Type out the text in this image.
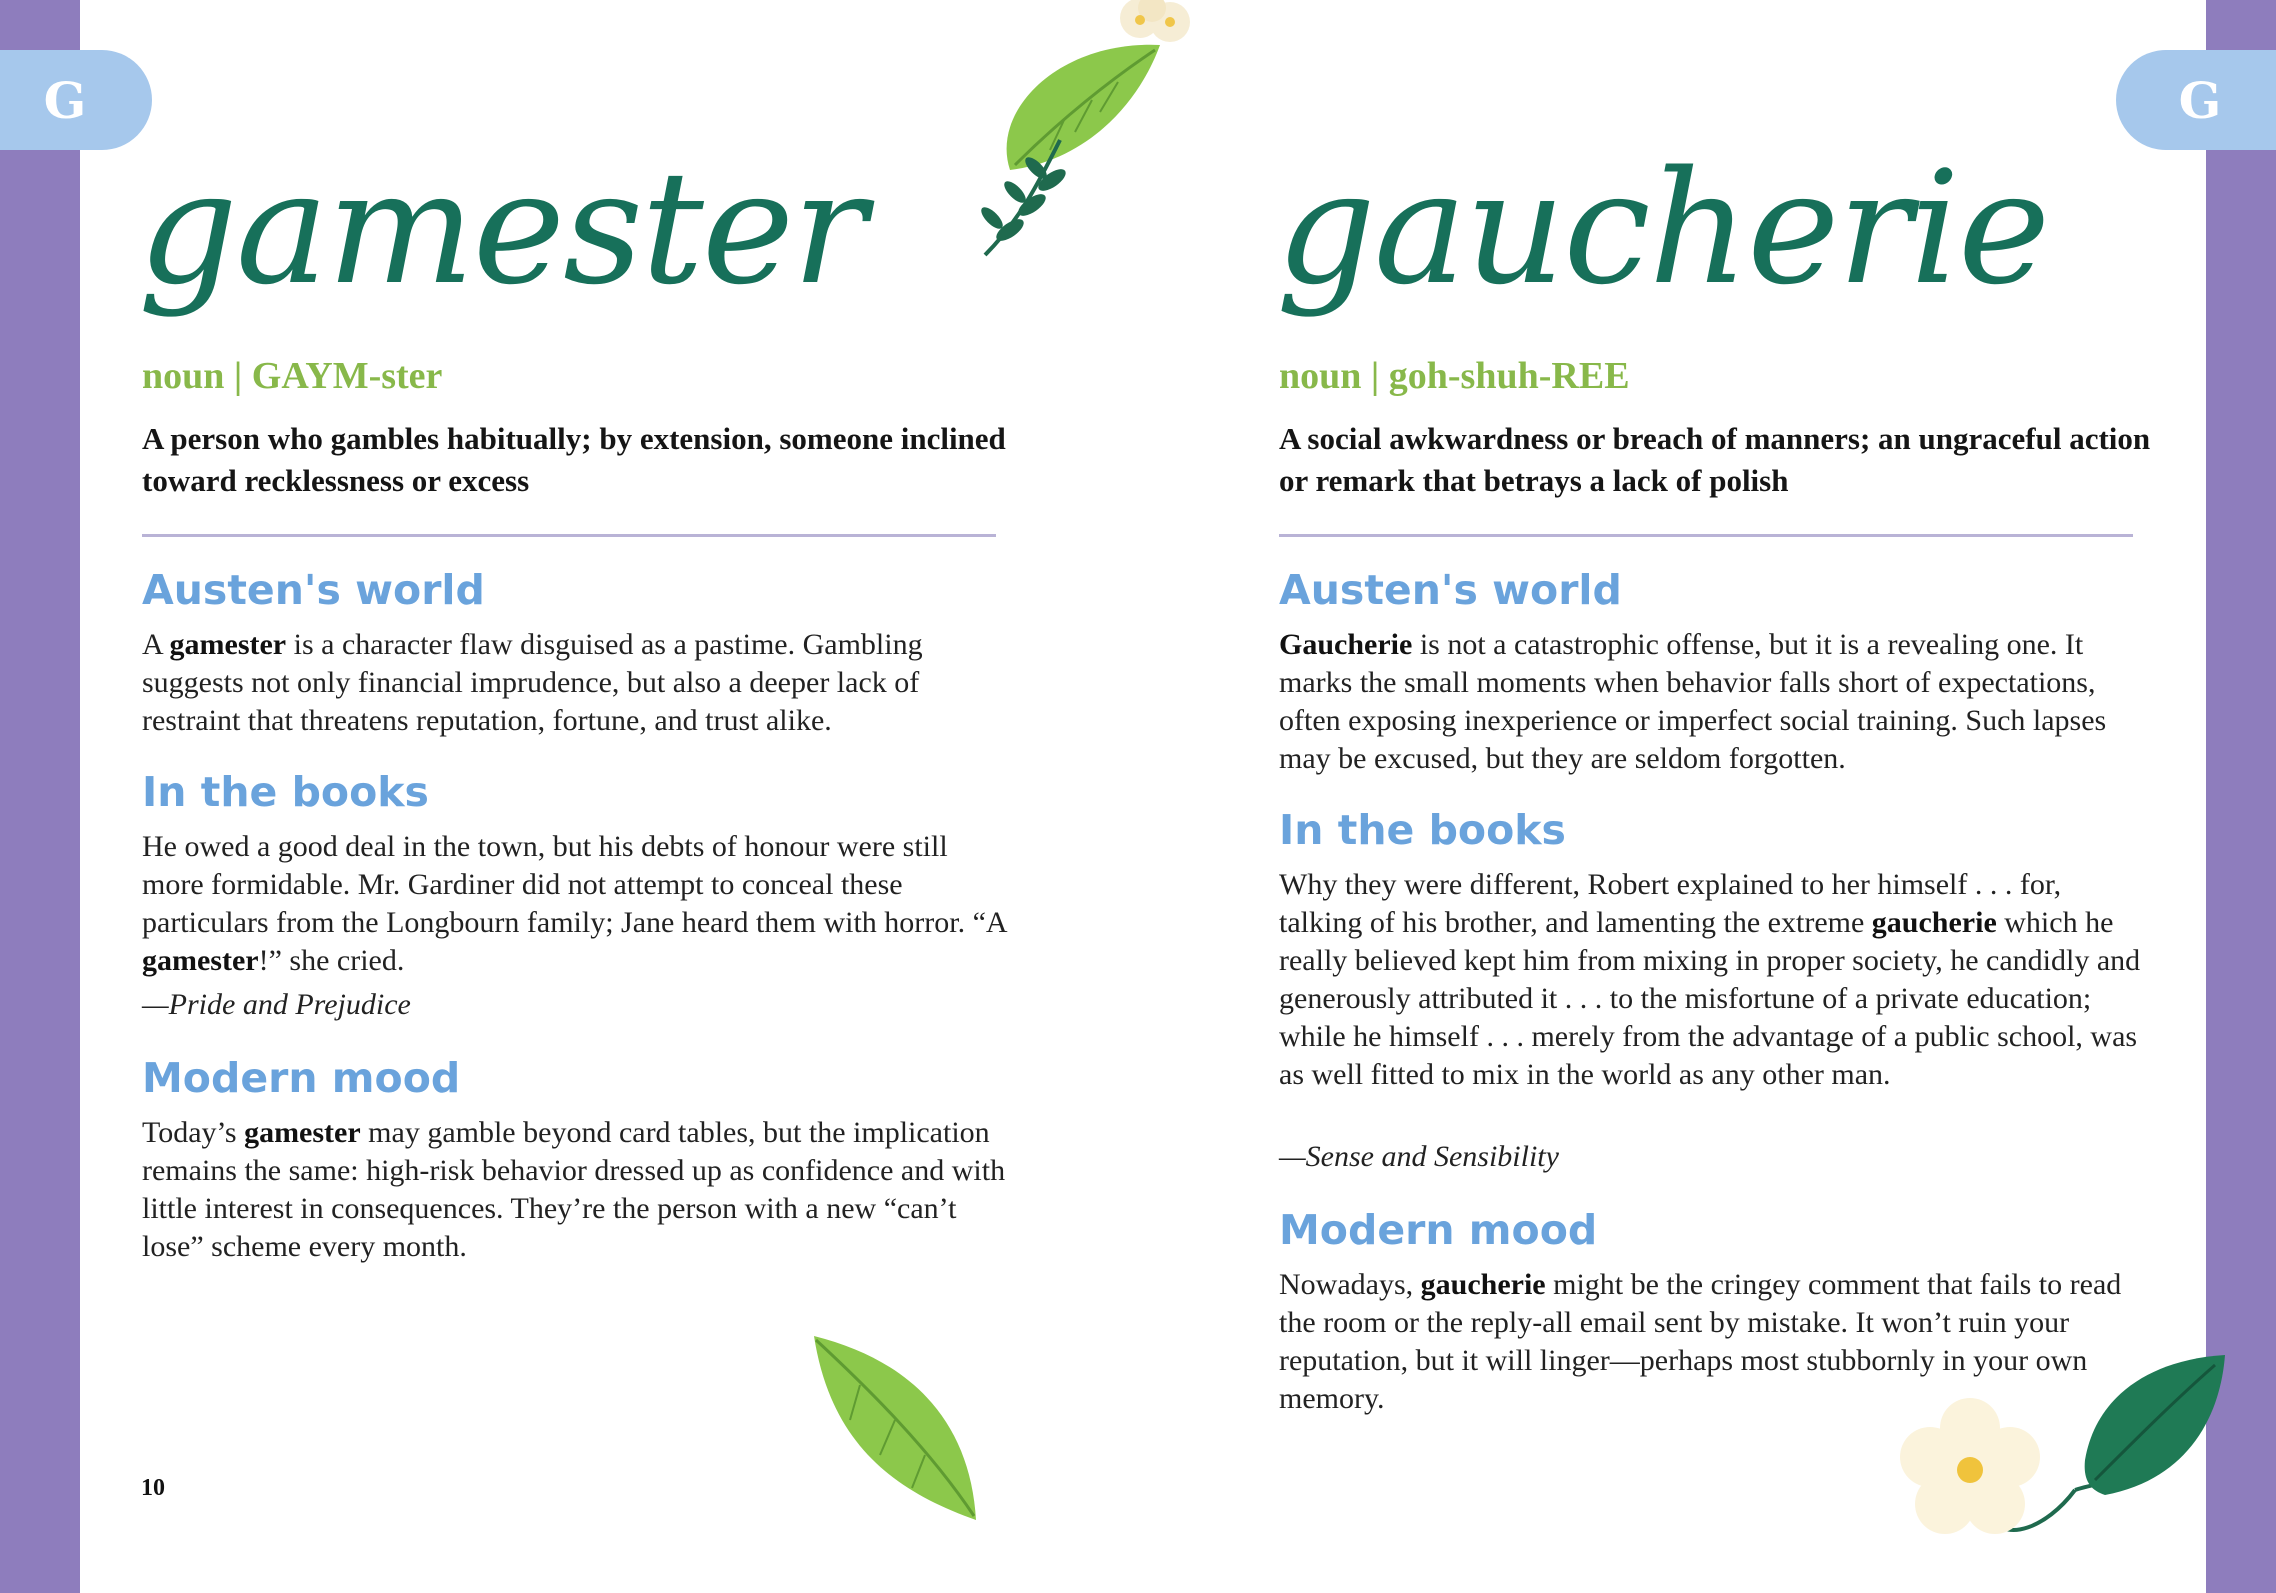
G	G
gamester
noun | GAYM-ster
A person who gambles habitually; by extension, someone inclined toward recklessness or excess
Austen's world
A gamester is a character flaw disguised as a pastime. Gambling suggests not only financial imprudence, but also a deeper lack of restraint that threatens reputation, fortune, and trust alike.
In the books
He owed a good deal in the town, but his debts of honour were still more formidable. Mr. Gardiner did not attempt to conceal these particulars from the Longbourn family; Jane heard them with horror. “A gamester!” she cried.
—Pride and Prejudice
Modern mood
Today’s gamester may gamble beyond card tables, but the implication remains the same: high-risk behavior dressed up as confidence and with little interest in consequences. They’re the person with a new “can’t lose” scheme every month.
10
gaucherie
noun | goh-shuh-REE
A social awkwardness or breach of manners; an ungraceful action or remark that betrays a lack of polish
Austen's world
Gaucherie is not a catastrophic offense, but it is a revealing one. It marks the small moments when behavior falls short of expectations, often exposing inexperience or imperfect social training. Such lapses may be excused, but they are seldom forgotten.
In the books
Why they were different, Robert explained to her himself . . . for, talking of his brother, and lamenting the extreme gaucherie which he really believed kept him from mixing in proper society, he candidly and generously attributed it . . . to the misfortune of a private education; while he himself . . . merely from the advantage of a public school, was as well fitted to mix in the world as any other man.
—Sense and Sensibility
Modern mood
Nowadays, gaucherie might be the cringey comment that fails to read the room or the reply-all email sent by mistake. It won’t ruin your reputation, but it will linger—perhaps most stubbornly in your own memory.
